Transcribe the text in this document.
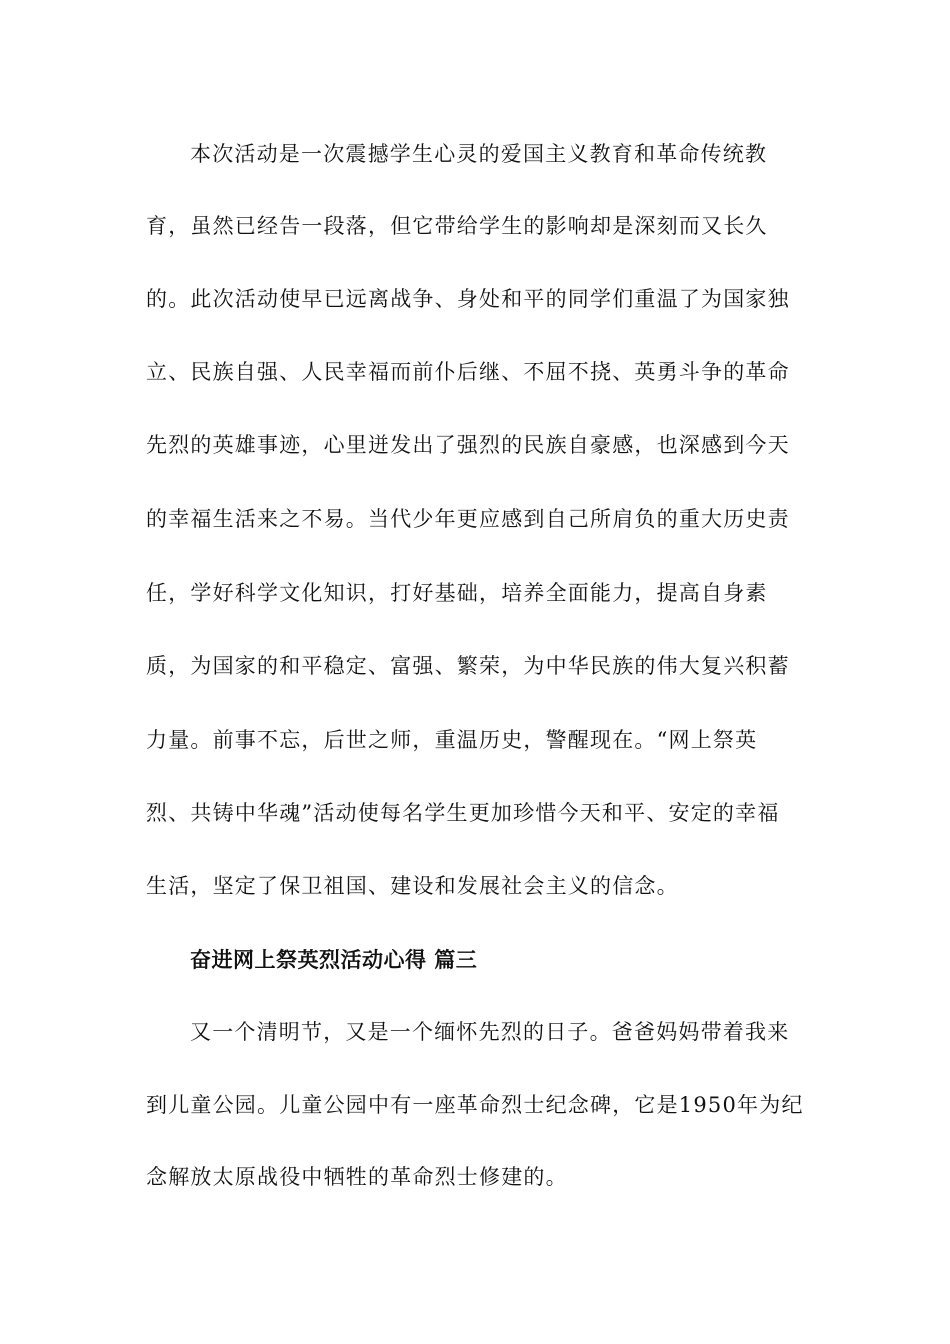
本次活动是一次震撼学生心灵的爱国主义教育和革命传统教
育，虽然已经告一段落，但它带给学生的影响却是深刻而又长久
的。此次活动使早已远离战争、身处和平的同学们重温了为国家独
立、民族自强、人民幸福而前仆后继、不屈不挠、英勇斗争的革命
先烈的英雄事迹，心里迸发出了强烈的民族自豪感，也深感到今天
的幸福生活来之不易。当代少年更应感到自己所肩负的重大历史责
任，学好科学文化知识，打好基础，培养全面能力，提高自身素
质，为国家的和平稳定、富强、繁荣，为中华民族的伟大复兴积蓄
力量。前事不忘，后世之师，重温历史，警醒现在。“网上祭英
烈、共铸中华魂”活动使每名学生更加珍惜今天和平、安定的幸福
生活，坚定了保卫祖国、建设和发展社会主义的信念。
奋进网上祭英烈活动心得 篇三
又一个清明节，又是一个缅怀先烈的日子。爸爸妈妈带着我来
到儿童公园。儿童公园中有一座革命烈士纪念碑，它是1950年为纪
念解放太原战役中牺牲的革命烈士修建的。
